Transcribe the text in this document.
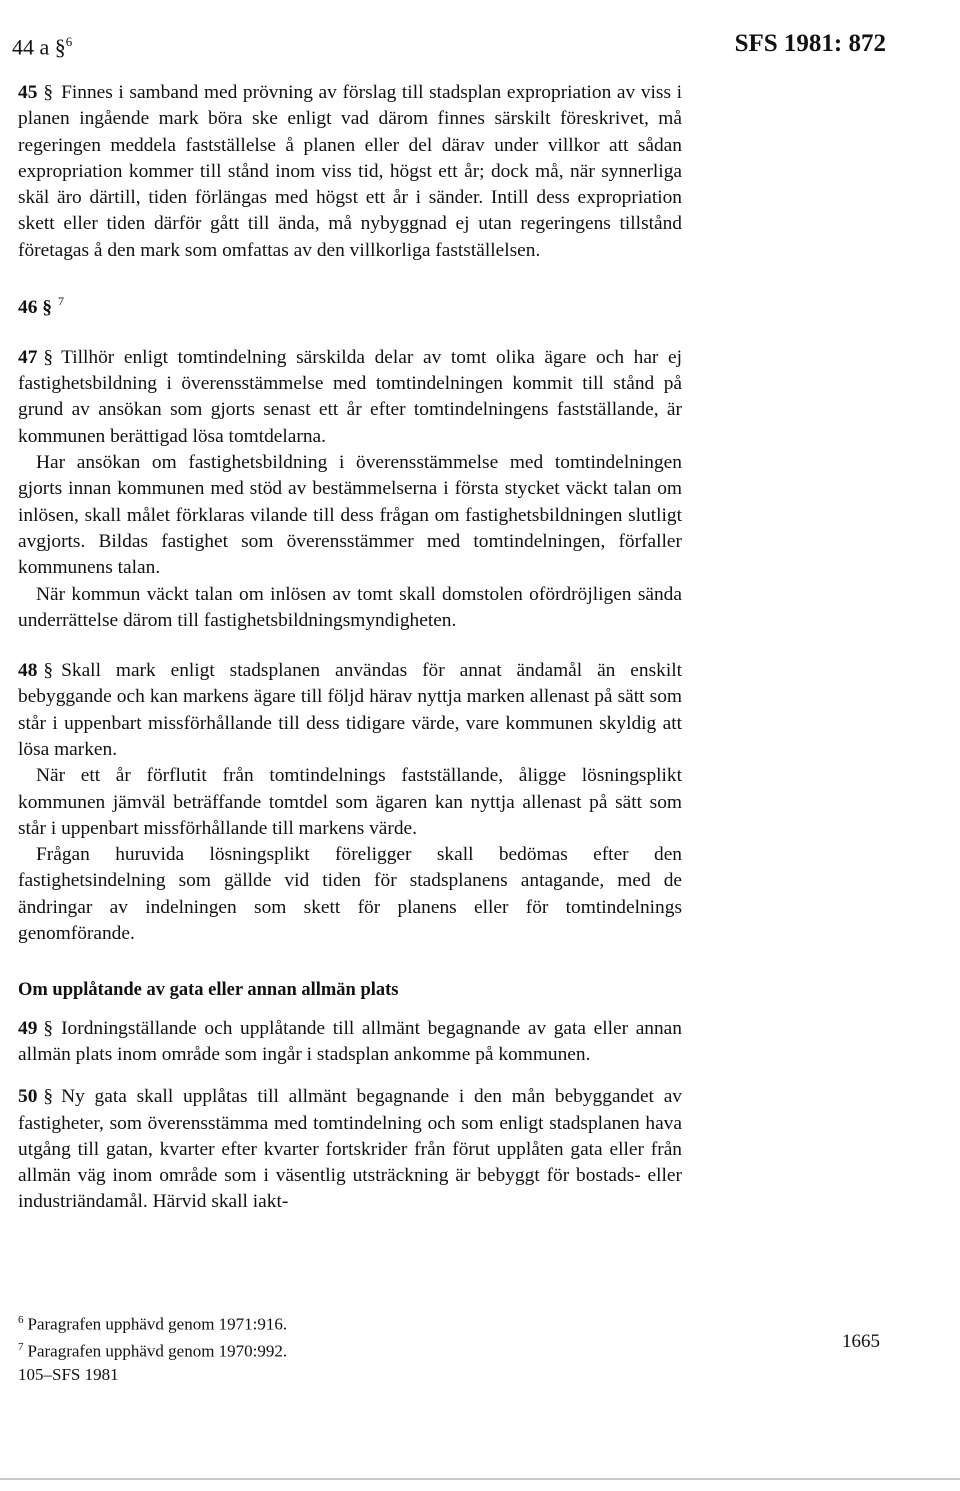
44 a §$^6$	SFS 1981: 872

45 § Finnes i samband med prövning av förslag till stadsplan expropriation av viss i planen ingående mark böra ske enligt vad därom finnes särskilt föreskrivet, må regeringen meddela fastställelse å planen eller del därav under villkor att sådan expropriation kommer till stånd inom viss tid, högst ett år; dock må, när synnerliga skäl äro därtill, tiden förlängas med högst ett år i sänder. Intill dess expropriation skett eller tiden därför gått till ända, må nybyggnad ej utan regeringens tillstånd företagas å den mark som omfattas av den villkorliga fastställelsen.

46 § $^7$

47 § Tillhör enligt tomtindelning särskilda delar av tomt olika ägare och har ej fastighetsbildning i överensstämmelse med tomtindelningen kommit till stånd på grund av ansökan som gjorts senast ett år efter tomtindelningens fastställande, är kommunen berättigad lösa tomtdelarna.

Har ansökan om fastighetsbildning i överensstämmelse med tomtindelningen gjorts innan kommunen med stöd av bestämmelserna i första stycket väckt talan om inlösen, skall målet förklaras vilande till dess frågan om fastighetsbildningen slutligt avgjorts. Bildas fastighet som överensstämmer med tomtindelningen, förfaller kommunens talan.

När kommun väckt talan om inlösen av tomt skall domstolen ofördröjligen sända underrättelse därom till fastighetsbildningsmyndigheten.

48 § Skall mark enligt stadsplanen användas för annat ändamål än enskilt bebyggande och kan markens ägare till följd härav nyttja marken allenast på sätt som står i uppenbart missförhållande till dess tidigare värde, vare kommunen skyldig att lösa marken.

När ett år förflutit från tomtindelnings fastställande, åligge lösningsplikt kommunen jämväl beträffande tomtdel som ägaren kan nyttja allenast på sätt som står i uppenbart missförhållande till markens värde.

Frågan huruvida lösningsplikt föreligger skall bedömas efter den fastighetsindelning som gällde vid tiden för stadsplanens antagande, med de ändringar av indelningen som skett för planens eller för tomtindelnings genomförande.

Om upplåtande av gata eller annan allmän plats

49 § Iordningställande och upplåtande till allmänt begagnande av gata eller annan allmän plats inom område som ingår i stadsplan ankomme på kommunen.

50 § Ny gata skall upplåtas till allmänt begagnande i den mån bebyggandet av fastigheter, som överensstämma med tomtindelning och som enligt stadsplanen hava utgång till gatan, kvarter efter kvarter fortskrider från förut upplåten gata eller från allmän väg inom område som i väsentlig utsträckning är bebyggt för bostads- eller industriändamål. Härvid skall iakt-

$^6$ Paragrafen upphävd genom 1971:916.
$^7$ Paragrafen upphävd genom 1970:992.	1665
105–SFS 1981
